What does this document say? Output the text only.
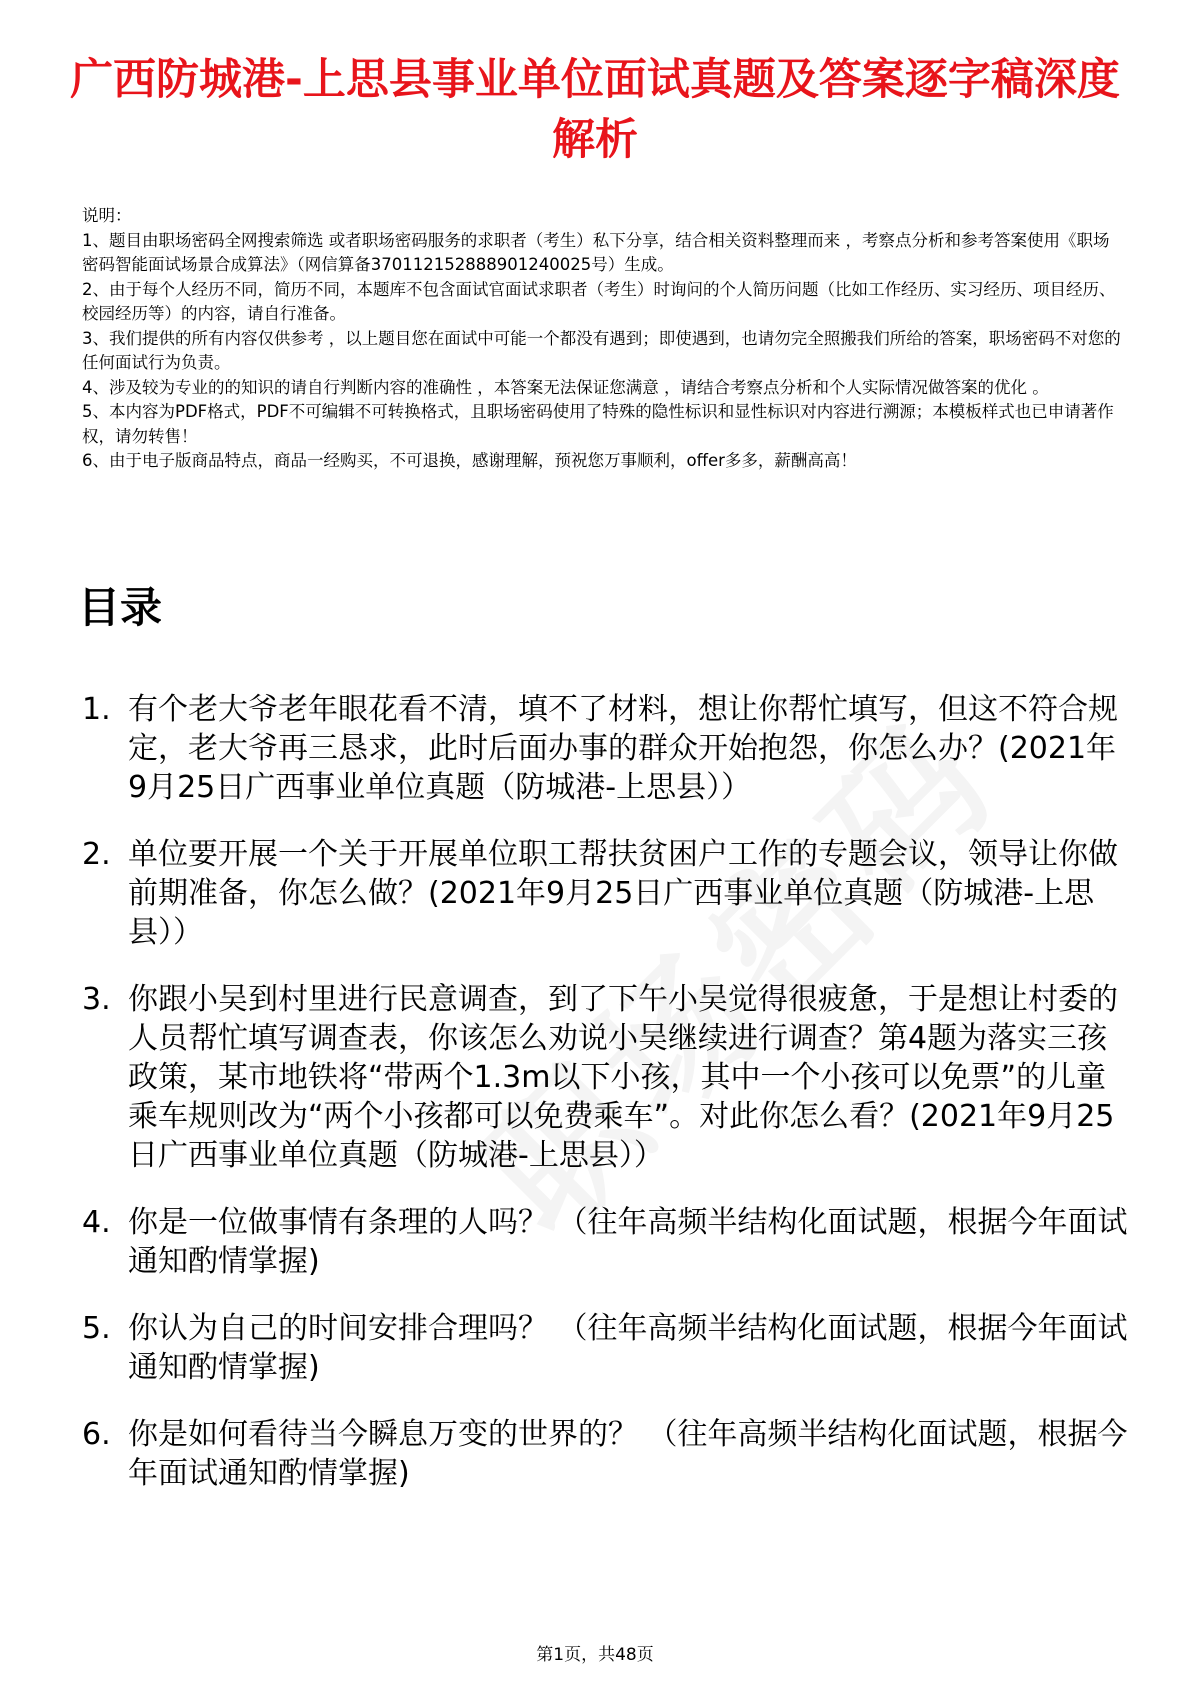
广西防城港-上思县事业单位面试真题及答案逐字稿深度解析

说明：

1、题目由职场密码全网搜索筛选 或者职场密码服务的求职者（考生）私下分享，结合相关资料整理而来 ，考察点分析和参考答案使用《职场密码智能面试场景合成算法》（网信算备370112152888901240025号）生成。

2、由于每个人经历不同，简历不同，本题库不包含面试官面试求职者（考生）时询问的个人简历问题（比如工作经历、实习经历、项目经历、校园经历等）的内容，请自行准备。

3、我们提供的所有内容仅供参考 ，以上题目您在面试中可能一个都没有遇到；即使遇到，也请勿完全照搬我们所给的答案，职场密码不对您的任何面试行为负责。

4、涉及较为专业的的知识的请自行判断内容的准确性 ，本答案无法保证您满意 ，请结合考察点分析和个人实际情况做答案的优化 。

5、本内容为PDF格式，PDF不可编辑不可转换格式，且职场密码使用了特殊的隐性标识和显性标识对内容进行溯源；本模板样式也已申请著作权，请勿转售！

6、由于电子版商品特点，商品一经购买，不可退换，感谢理解，预祝您万事顺利，offer多多，薪酬高高！

目录
1. 有个老大爷老年眼花看不清，填不了材料，想让你帮忙填写，但这不符合规定，老大爷再三恳求，此时后面办事的群众开始抱怨，你怎么办？(2021年9月25日广西事业单位真题（防城港-上思县））
2. 单位要开展一个关于开展单位职工帮扶贫困户工作的专题会议，领导让你做前期准备，你怎么做？(2021年9月25日广西事业单位真题（防城港-上思县））
3. 你跟小吴到村里进行民意调查，到了下午小吴觉得很疲惫，于是想让村委的人员帮忙填写调查表，你该怎么劝说小吴继续进行调查？第4题为落实三孩政策，某市地铁将“带两个1.3m以下小孩，其中一个小孩可以免票”的儿童乘车规则改为“两个小孩都可以免费乘车”。对此你怎么看？(2021年9月25日广西事业单位真题（防城港-上思县））
4. 你是一位做事情有条理的人吗？ （往年高频半结构化面试题，根据今年面试通知酌情掌握)
5. 你认为自己的时间安排合理吗？ （往年高频半结构化面试题，根据今年面试通知酌情掌握)
6. 你是如何看待当今瞬息万变的世界的？ （往年高频半结构化面试题，根据今年面试通知酌情掌握)
第1页，共48页
